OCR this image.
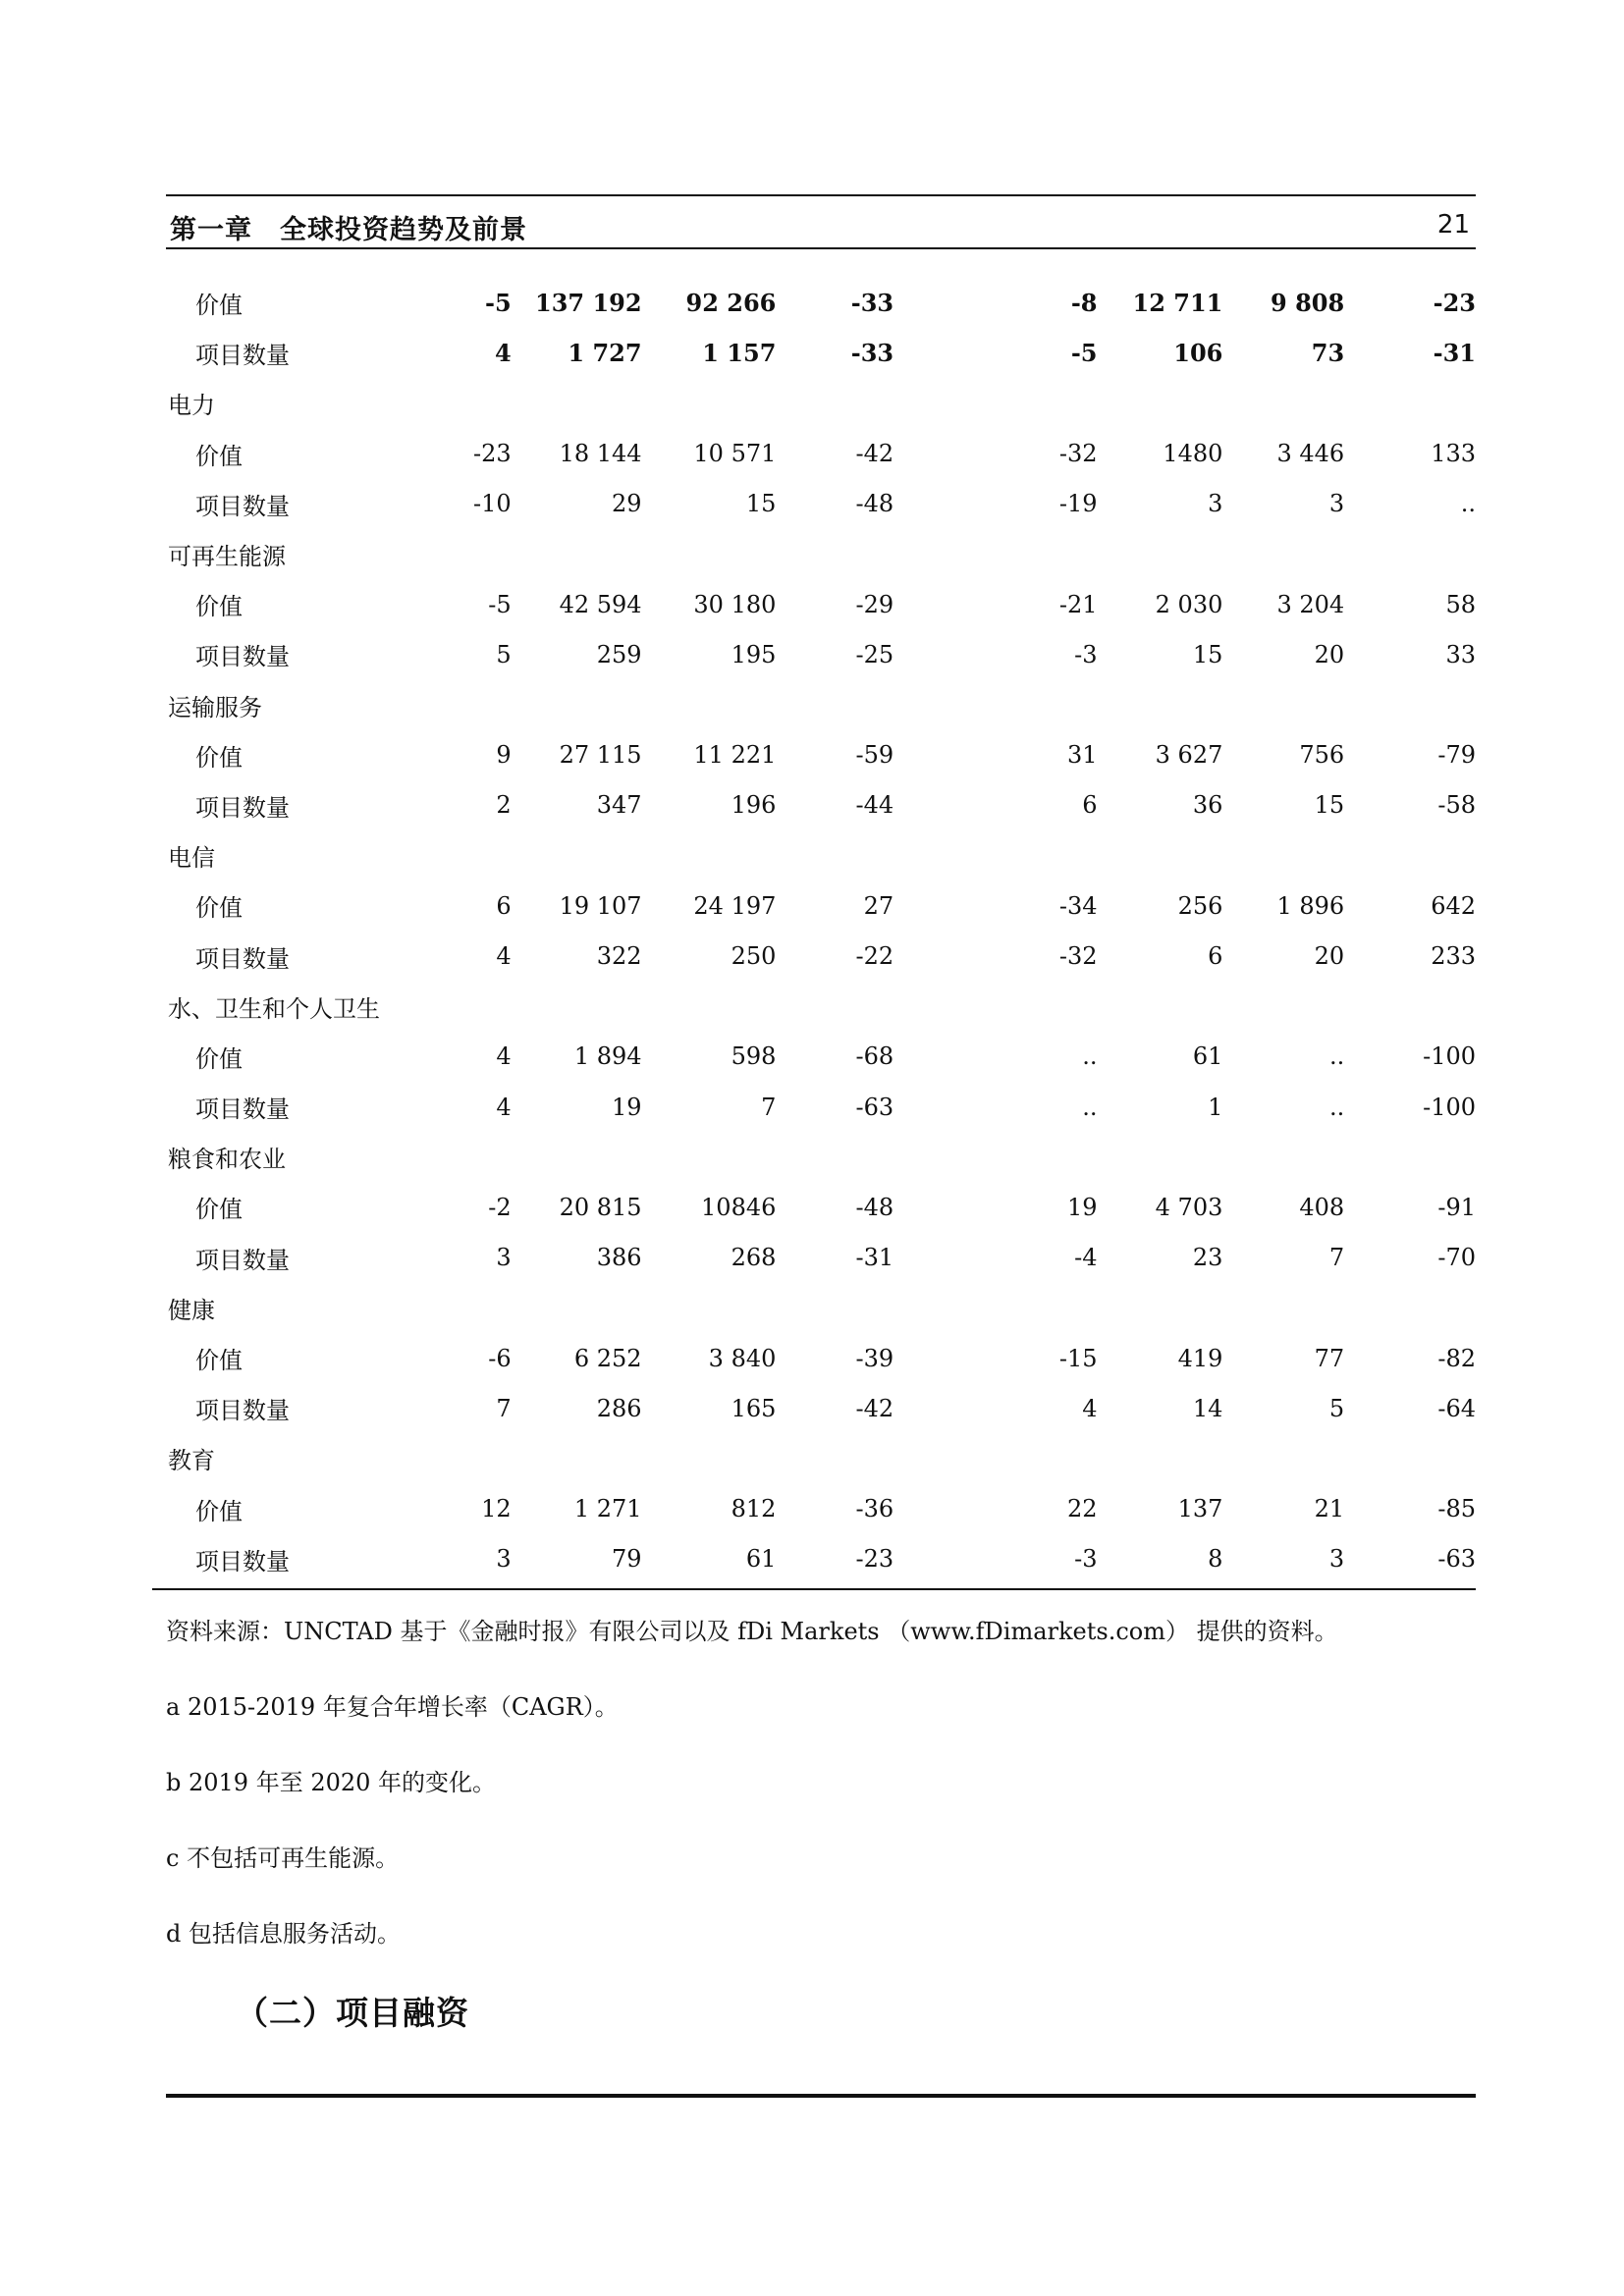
第一章 全球投资趋势及前景	21
价值	-5	137 192	92 266	-33	-8	12 711	9 808	-23
项目数量	4	1 727	1 157	-33	-5	106	73	-31
电力								
价值	-23	18 144	10 571	-42	-32	1480	3 446	133
项目数量	-10	29	15	-48	-19	3	3	..
可再生能源								
价值	-5	42 594	30 180	-29	-21	2 030	3 204	58
项目数量	5	259	195	-25	-3	15	20	33
运输服务								
价值	9	27 115	11 221	-59	31	3 627	756	-79
项目数量	2	347	196	-44	6	36	15	-58
电信								
价值	6	19 107	24 197	27	-34	256	1 896	642
项目数量	4	322	250	-22	-32	6	20	233
水、卫生和个人卫生								
价值	4	1 894	598	-68	..	61	..	-100
项目数量	4	19	7	-63	..	1	..	-100
粮食和农业								
价值	-2	20 815	10846	-48	19	4 703	408	-91
项目数量	3	386	268	-31	-4	23	7	-70
健康								
价值	-6	6 252	3 840	-39	-15	419	77	-82
项目数量	7	286	165	-42	4	14	5	-64
教育								
价值	12	1 271	812	-36	22	137	21	-85
项目数量	3	79	61	-23	-3	8	3	-63
资料来源：UNCTAD 基于《金融时报》有限公司以及 fDi Markets （www.fDimarkets.com） 提供的资料。
a 2015-2019 年复合年增长率（CAGR）。
b 2019 年至 2020 年的变化。
c 不包括可再生能源。
d 包括信息服务活动。
（二）项目融资
